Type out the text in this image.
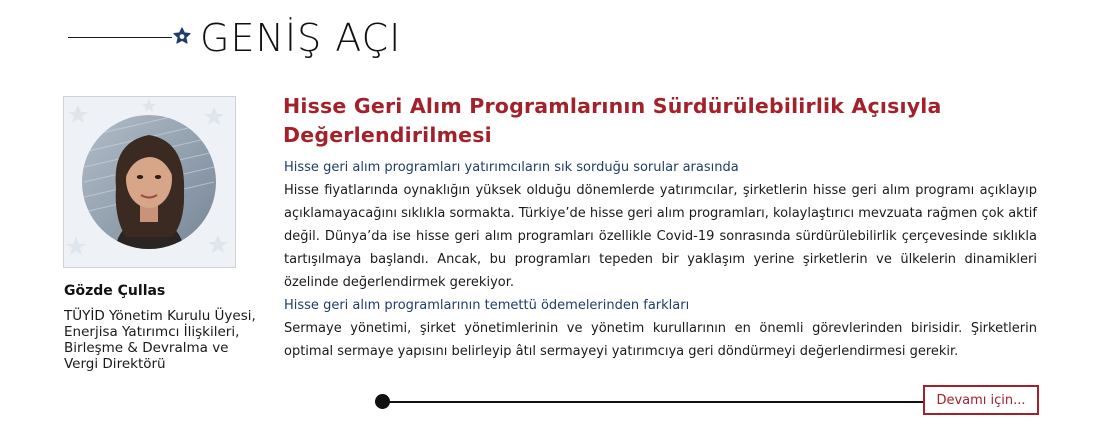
GENİŞ AÇI
Gözde Çullas
TÜYİD Yönetim Kurulu Üyesi,
Enerjisa Yatırımcı İlişkileri,
Birleşme & Devralma ve
Vergi Direktörü
Hisse Geri Alım Programlarının Sürdürülebilirlik Açısıyla Değerlendirilmesi
Hisse geri alım programları yatırımcıların sık sorduğu sorular arasında
Hisse fiyatlarında oynaklığın yüksek olduğu dönemlerde yatırımcılar, şirketlerin hisse geri alım programı açıklayıp açıklamayacağını sıklıkla sormakta. Türkiye’de hisse geri alım programları, kolaylaştırıcı mevzuata rağmen çok aktif değil. Dünya’da ise hisse geri alım programları özellikle Covid-19 sonrasında sürdürülebilirlik çerçevesinde sıklıkla tartışılmaya başlandı. Ancak, bu programları tepeden bir yaklaşım yerine şirketlerin ve ülkelerin dinamikleri özelinde değerlendirmek gerekiyor.
Hisse geri alım programlarının temettü ödemelerinden farkları
Sermaye yönetimi, şirket yönetimlerinin ve yönetim kurullarının en önemli görevlerinden birisidir. Şirketlerin optimal sermaye yapısını belirleyip âtıl sermayeyi yatırımcıya geri döndürmeyi değerlendirmesi gerekir.
Devamı için...
